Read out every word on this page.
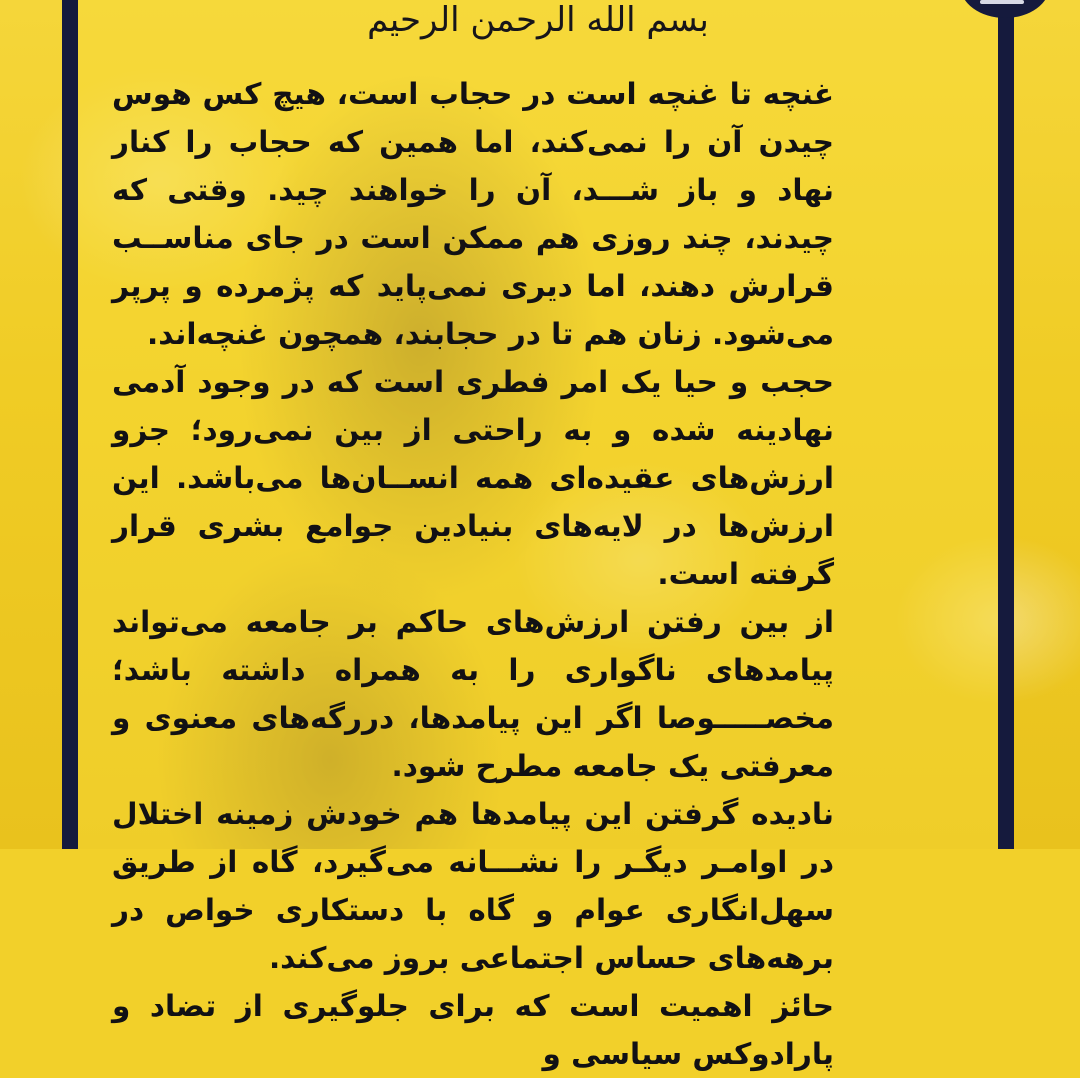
بسم الله الرحمن الرحیم

غنچه تا غنچه است در حجاب است، هیچ کس هوس چیدن آن را نمی‌کند، اما همین که حجاب را کنار نهاد و باز شـــد، آن را خواهند چید. وقتی که چیدند، چند روزی هم ممکن است در جای مناســب قرارش دهند، اما دیری نمی‌پاید که پژمرده و پرپر می‌شود. زنان هم تا در حجابند، همچون غنچه‌اند.

حجب و حیا یک امر فطری است که در وجود آدمی نهادینه شده و به راحتی از بین نمی‌رود؛ جزو ارزش‌های عقیده‌ای همه انســان‌ها می‌باشد. این ارزش‌ها در لایه‌های بنیادین جوامع بشری قرار گرفته است.

از بین رفتن ارزش‌های حاکم بر جامعه می‌تواند پیامدهای ناگواری را به همراه داشته باشد؛ مخصـــــوصا اگر این پیامدها، دررگه‌های معنوی و معرفتی یک جامعه مطرح شود.

نادیده گرفتن این پیامدها هم خودش زمینه اختلال در اوامـر دیگـر را نشـــانه می‌گیرد، گاه از طریق سهل‌انگاری عوام و گاه با دستکاری خواص در برهه‌های حساس اجتماعی بروز می‌کند.

حائز اهمیت است که برای جلوگیری از تضاد و پارادوکس سیاسی و
